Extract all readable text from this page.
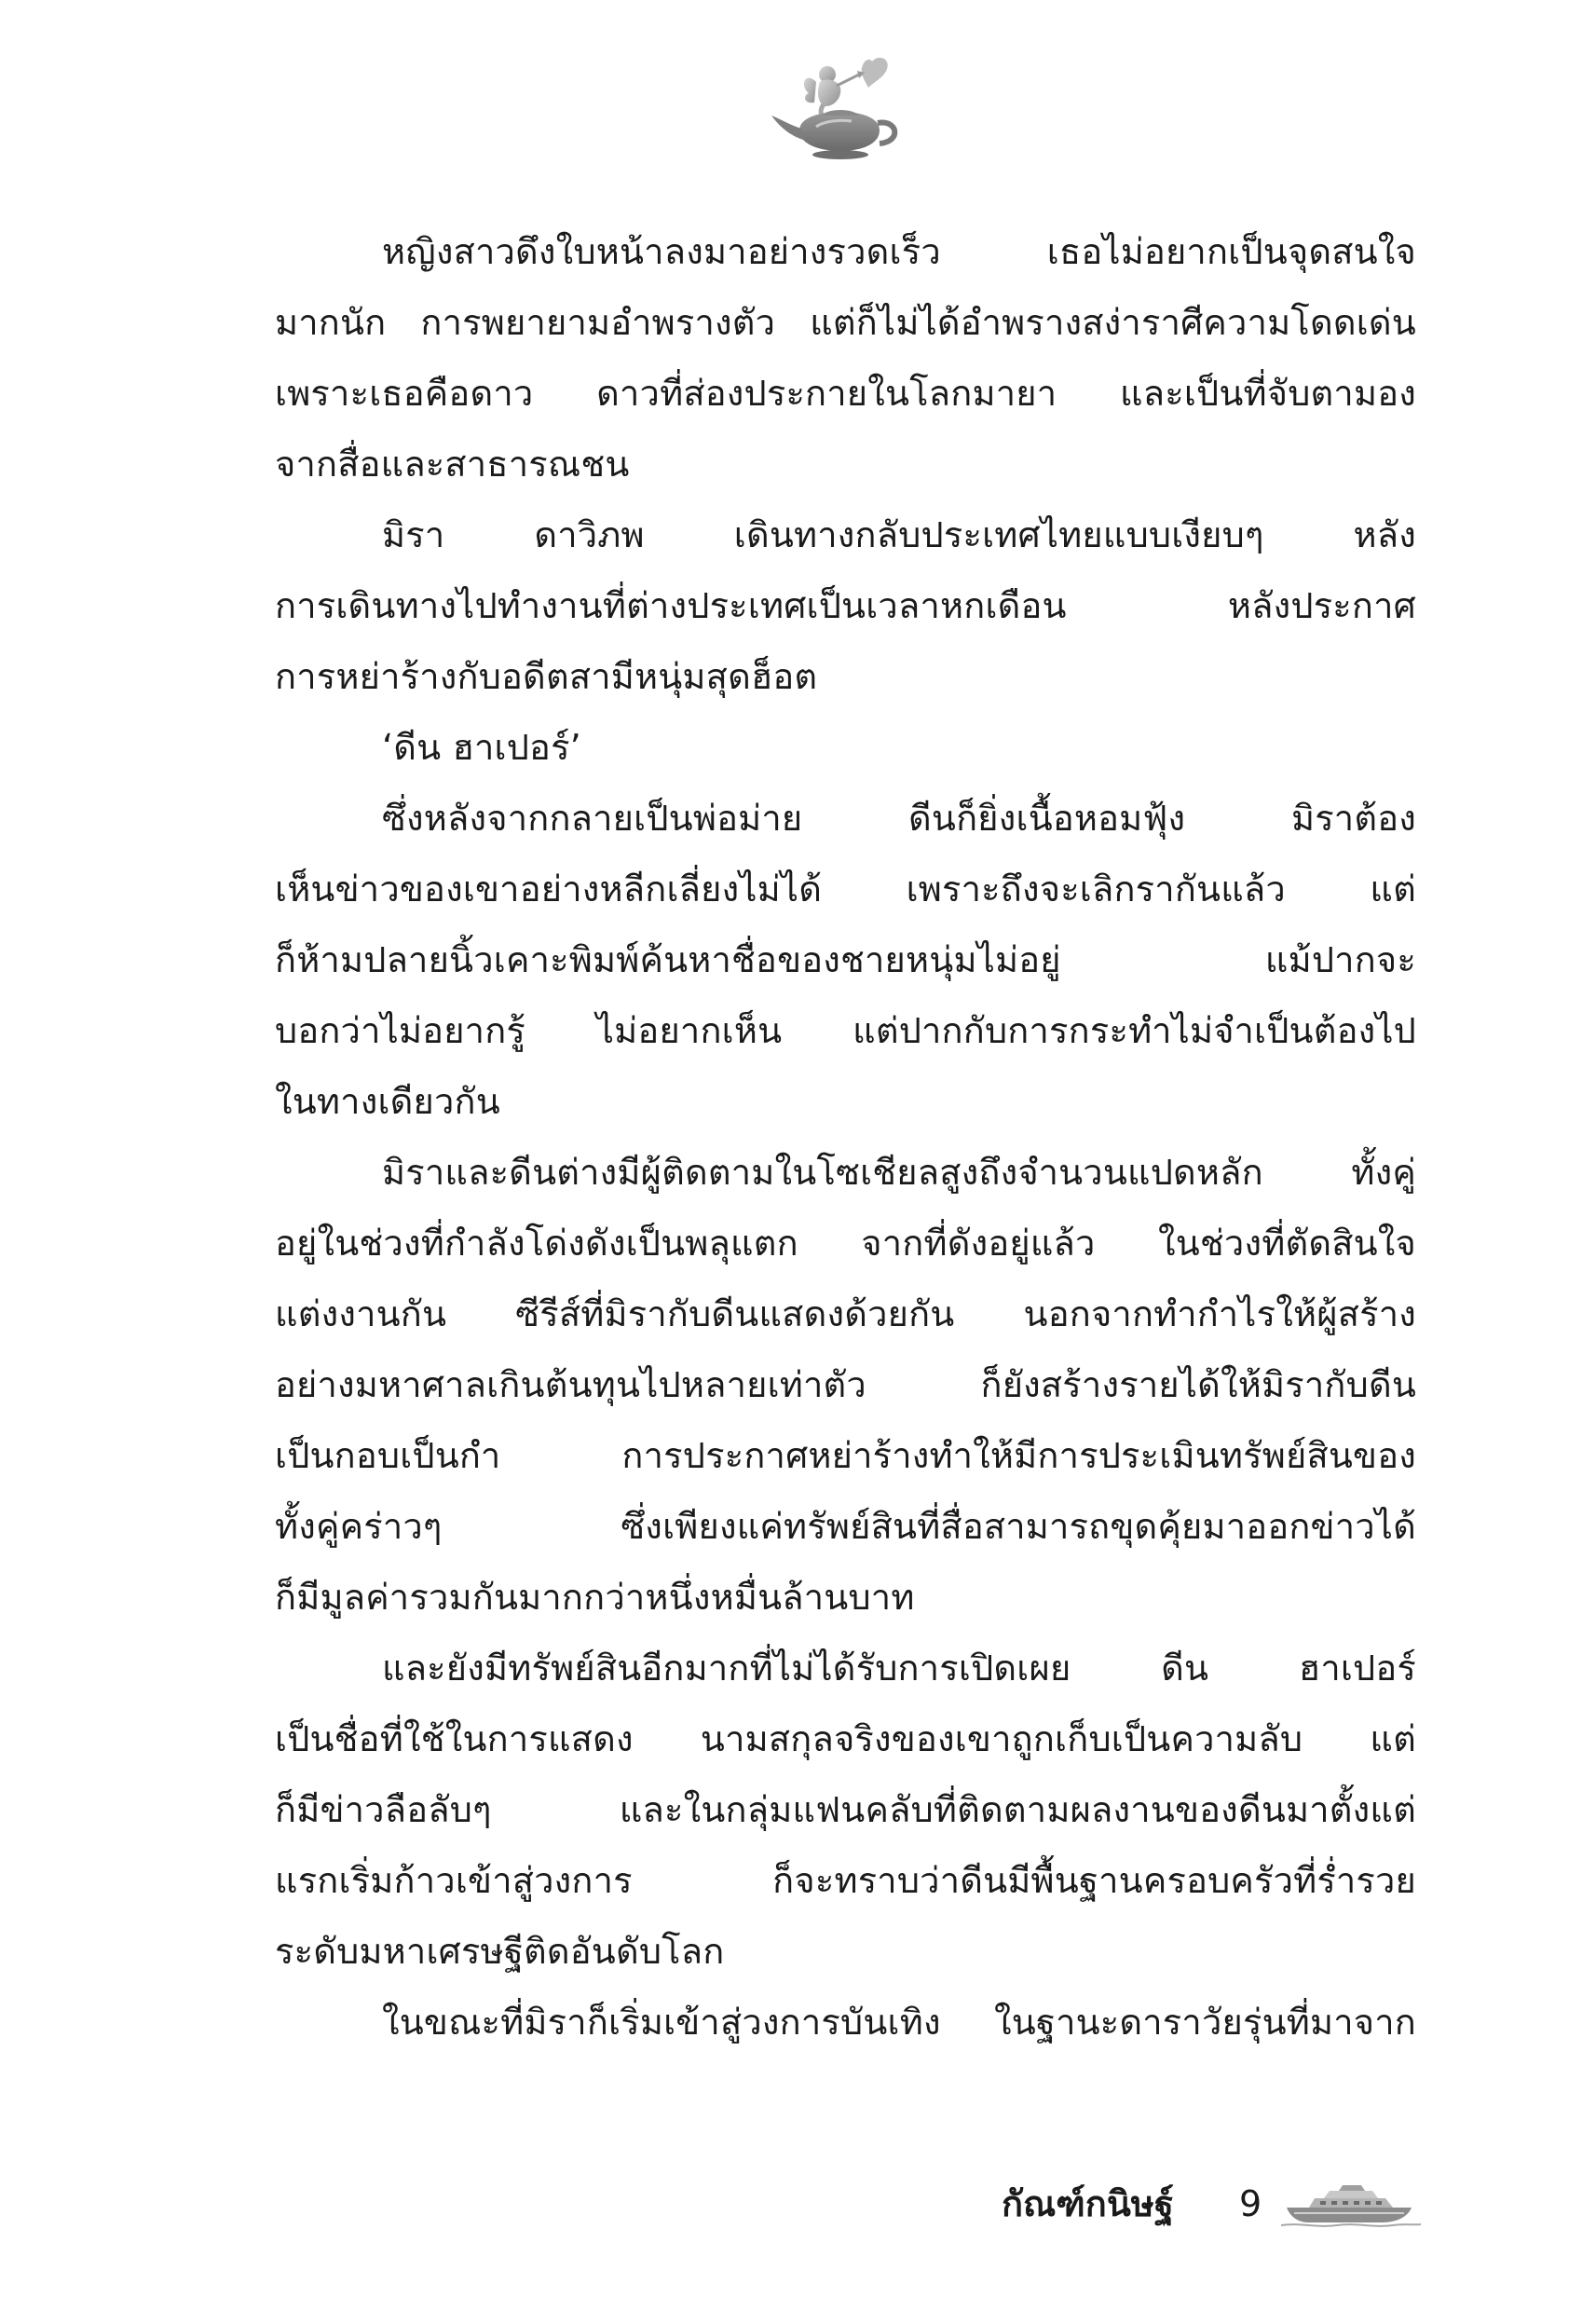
หญิงสาวดึงใบหน้าลงมาอย่างรวดเร็ว เธอไม่อยากเป็นจุดสนใจ
มากนัก การพยายามอำพรางตัว แต่ก็ไม่ได้อำพรางสง่าราศีความโดดเด่น
เพราะเธอคือดาว ดาวที่ส่องประกายในโลกมายา และเป็นที่จับตามอง
จากสื่อและสาธารณชน
มิรา ดาวิภพ เดินทางกลับประเทศไทยแบบเงียบๆ หลัง
การเดินทางไปทำงานที่ต่างประเทศเป็นเวลาหกเดือน หลังประกาศ
การหย่าร้างกับอดีตสามีหนุ่มสุดฮ็อต
‘ดีน ฮาเปอร์’
ซึ่งหลังจากกลายเป็นพ่อม่าย ดีนก็ยิ่งเนื้อหอมฟุ้ง มิราต้อง
เห็นข่าวของเขาอย่างหลีกเลี่ยงไม่ได้ เพราะถึงจะเลิกรากันแล้ว แต่
ก็ห้ามปลายนิ้วเคาะพิมพ์ค้นหาชื่อของชายหนุ่มไม่อยู่ แม้ปากจะ
บอกว่าไม่อยากรู้ ไม่อยากเห็น แต่ปากกับการกระทำไม่จำเป็นต้องไป
ในทางเดียวกัน
มิราและดีนต่างมีผู้ติดตามในโซเชียลสูงถึงจำนวนแปดหลัก ทั้งคู่
อยู่ในช่วงที่กำลังโด่งดังเป็นพลุแตก จากที่ดังอยู่แล้ว ในช่วงที่ตัดสินใจ
แต่งงานกัน ซีรีส์ที่มิรากับดีนแสดงด้วยกัน นอกจากทำกำไรให้ผู้สร้าง
อย่างมหาศาลเกินต้นทุนไปหลายเท่าตัว ก็ยังสร้างรายได้ให้มิรากับดีน
เป็นกอบเป็นกำ การประกาศหย่าร้างทำให้มีการประเมินทรัพย์สินของ
ทั้งคู่คร่าวๆ ซึ่งเพียงแค่ทรัพย์สินที่สื่อสามารถขุดคุ้ยมาออกข่าวได้
ก็มีมูลค่ารวมกันมากกว่าหนึ่งหมื่นล้านบาท
และยังมีทรัพย์สินอีกมากที่ไม่ได้รับการเปิดเผย ดีน ฮาเปอร์
เป็นชื่อที่ใช้ในการแสดง นามสกุลจริงของเขาถูกเก็บเป็นความลับ แต่
ก็มีข่าวลือลับๆ และในกลุ่มแฟนคลับที่ติดตามผลงานของดีนมาตั้งแต่
แรกเริ่มก้าวเข้าสู่วงการ ก็จะทราบว่าดีนมีพื้นฐานครอบครัวที่ร่ำรวย
ระดับมหาเศรษฐีติดอันดับโลก
ในขณะที่มิราก็เริ่มเข้าสู่วงการบันเทิง ในฐานะดาราวัยรุ่นที่มาจาก
กัณฑ์กนิษฐ์ 9
